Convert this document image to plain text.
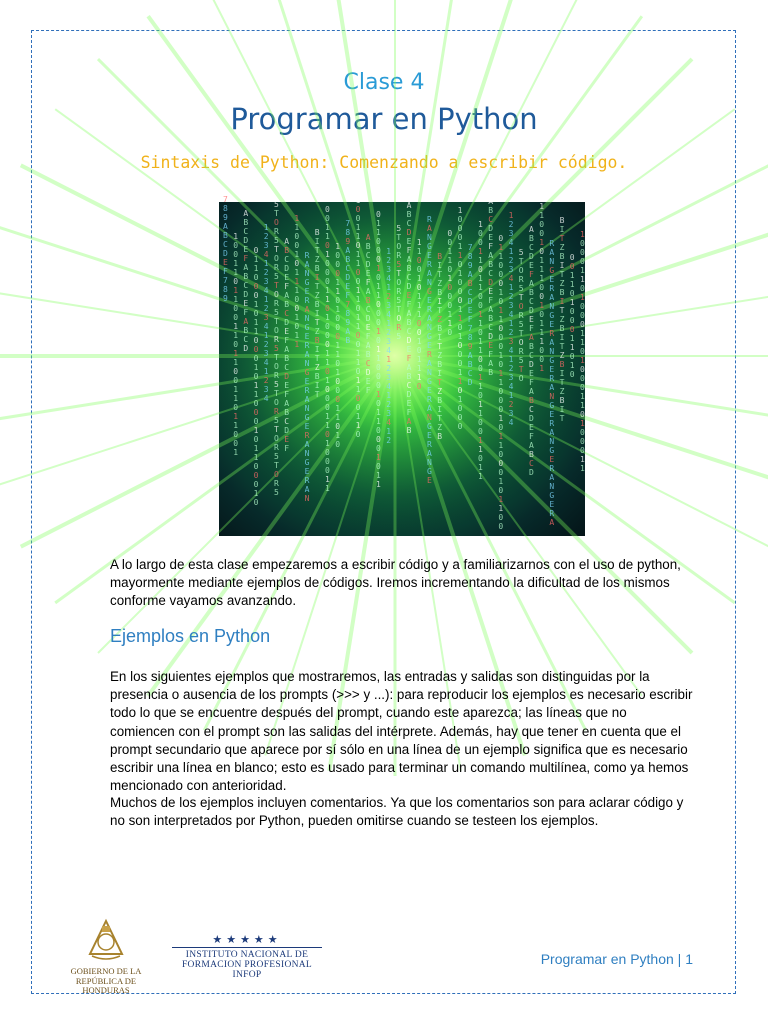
Clase 4
Programar en Python
Sintaxis de Python: Comenzando a escribir código.
7
8
9
A
B
C
D
E
F
7
8
9
1
0
0
1
1
0
1
1
0
0
1
1
0
1
1
0
0
1
1
0
1
1
0
0
1
A
B
C
D
E
F
A
B
C
D
E
F
A
B
C
D
0
1
1
0
0
0
1
0
1
1
0
0
0
1
0
1
1
0
0
0
1
0
1
1
0
0
0
1
0
1
2
3
4
1
2
3
4
1
2
3
4
1
2
3
4
1
2
3
4
5
T
O
R
5
T
O
R
5
T
O
R
5
T
O
R
5
T
O
R
5
T
O
R
5
T
O
R
5
T
O
R
5
A
B
C
D
E
F
A
B
C
D
E
F
A
B
C
D
E
F
A
B
C
D
E
F
1
1
0
0
1
0
1
1
1
0
0
1
0
1
1
R
A
N
G
E
R
A
N
G
E
R
A
N
G
E
R
A
N
G
E
R
A
N
G
E
R
A
N
B
I
T
Z
B
I
T
Z
B
I
T
Z
B
I
T
Z
B
I
T
0
0
1
1
0
1
0
0
0
1
1
0
1
0
0
0
1
1
0
1
0
0
0
1
1
0
1
0
0
0
1
1
1
0
0
0
1
1
0
1
0
0
0
1
1
0
1
0
0
0
1
1
0
1
0
7
8
9
A
B
C
D
E
F
7
8
9
A
B
1
0
0
1
1
0
1
1
0
0
1
1
0
1
1
0
0
1
1
0
1
1
0
0
1
1
0
A
B
C
D
E
F
A
B
C
D
E
F
A
B
C
D
E
F
0
1
1
0
0
0
1
0
1
1
0
0
0
1
0
1
1
0
0
0
1
0
1
1
0
0
0
1
0
1
1
1
2
3
4
1
2
3
4
1
2
3
4
1
2
3
4
1
2
3
4
1
2
5
T
O
R
5
T
O
R
5
T
O
R
5
A
B
C
D
E
F
A
B
C
D
E
F
A
B
C
D
E
F
A
B
C
D
E
F
A
B
1
1
0
0
1
0
1
1
1
0
0
1
0
1
1
1
0
R
A
N
G
E
R
A
N
G
E
R
A
N
G
E
R
A
N
G
E
R
A
N
G
E
R
A
N
G
E
B
I
T
Z
B
I
T
Z
B
I
T
Z
B
I
T
Z
B
I
T
Z
B
0
0
1
1
0
1
0
0
0
1
1
0
1
0
0
0
1
1
0
1
0
0
0
1
1
0
1
0
0
0
1
1
0
1
0
0
0
7
8
9
A
B
C
D
E
F
7
8
9
A
B
C
D
1
0
0
1
1
0
1
1
0
0
1
1
0
1
1
0
0
1
1
0
1
1
0
0
1
1
0
1
1
A
B
C
D
E
F
A
B
C
D
E
F
A
B
C
D
E
F
A
B
0
1
1
0
0
0
1
0
1
1
0
0
0
1
0
1
1
0
0
0
1
0
1
1
0
0
0
1
0
1
1
0
0
1
2
3
4
1
2
3
4
1
2
3
4
1
2
3
4
1
2
3
4
1
2
3
4
5
T
O
R
5
T
O
R
5
T
O
R
5
T
O
A
B
C
D
E
F
A
B
C
D
E
F
A
B
C
D
E
F
A
B
C
D
E
F
A
B
C
D
1
1
0
0
1
0
1
1
1
0
0
1
0
1
1
1
0
0
1
R
A
N
G
E
R
A
N
G
E
R
A
N
G
E
R
A
N
G
E
R
A
N
G
E
R
A
N
G
E
R
A
B
I
T
Z
B
I
T
Z
B
I
T
Z
B
I
T
Z
B
I
T
Z
B
I
T
0
0
1
1
0
1
0
0
0
1
1
0
1
0
1
0
0
0
1
1
0
1
0
0
0
1
1
0
1
0
0
0
1
1
0
1
0
0
0
1
1

A lo largo de esta clase empezaremos a escribir código y a familiarizarnos con el uso de python, mayormente mediante ejemplos de códigos. Iremos incrementando la dificultad de los mismos conforme vayamos avanzando.

Ejemplos en Python

En los siguientes ejemplos que mostraremos, las entradas y salidas son distinguidas por la presencia o ausencia de los prompts (>>> y ...): para reproducir los ejemplos es necesario escribir todo lo que se encuentre después del prompt, cuando este aparezca; las líneas que no comiencen con el prompt son las salidas del intérprete. Además, hay que tener en cuenta que el prompt secundario que aparece por sí sólo en una línea de un ejemplo significa que es necesario escribir una línea en blanco; esto es usado para terminar un comando multilínea, como ya hemos mencionado con anterioridad.

Muchos de los ejemplos incluyen comentarios. Ya que los comentarios son para aclarar código y no son interpretados por Python, pueden omitirse cuando se testeen los ejemplos.

GOBIERNO DE LA
REPÚBLICA DE HONDURAS
★★★★★
INSTITUTO NACIONAL DE
FORMACION PROFESIONAL
INFOP
Programar en Python | 1
